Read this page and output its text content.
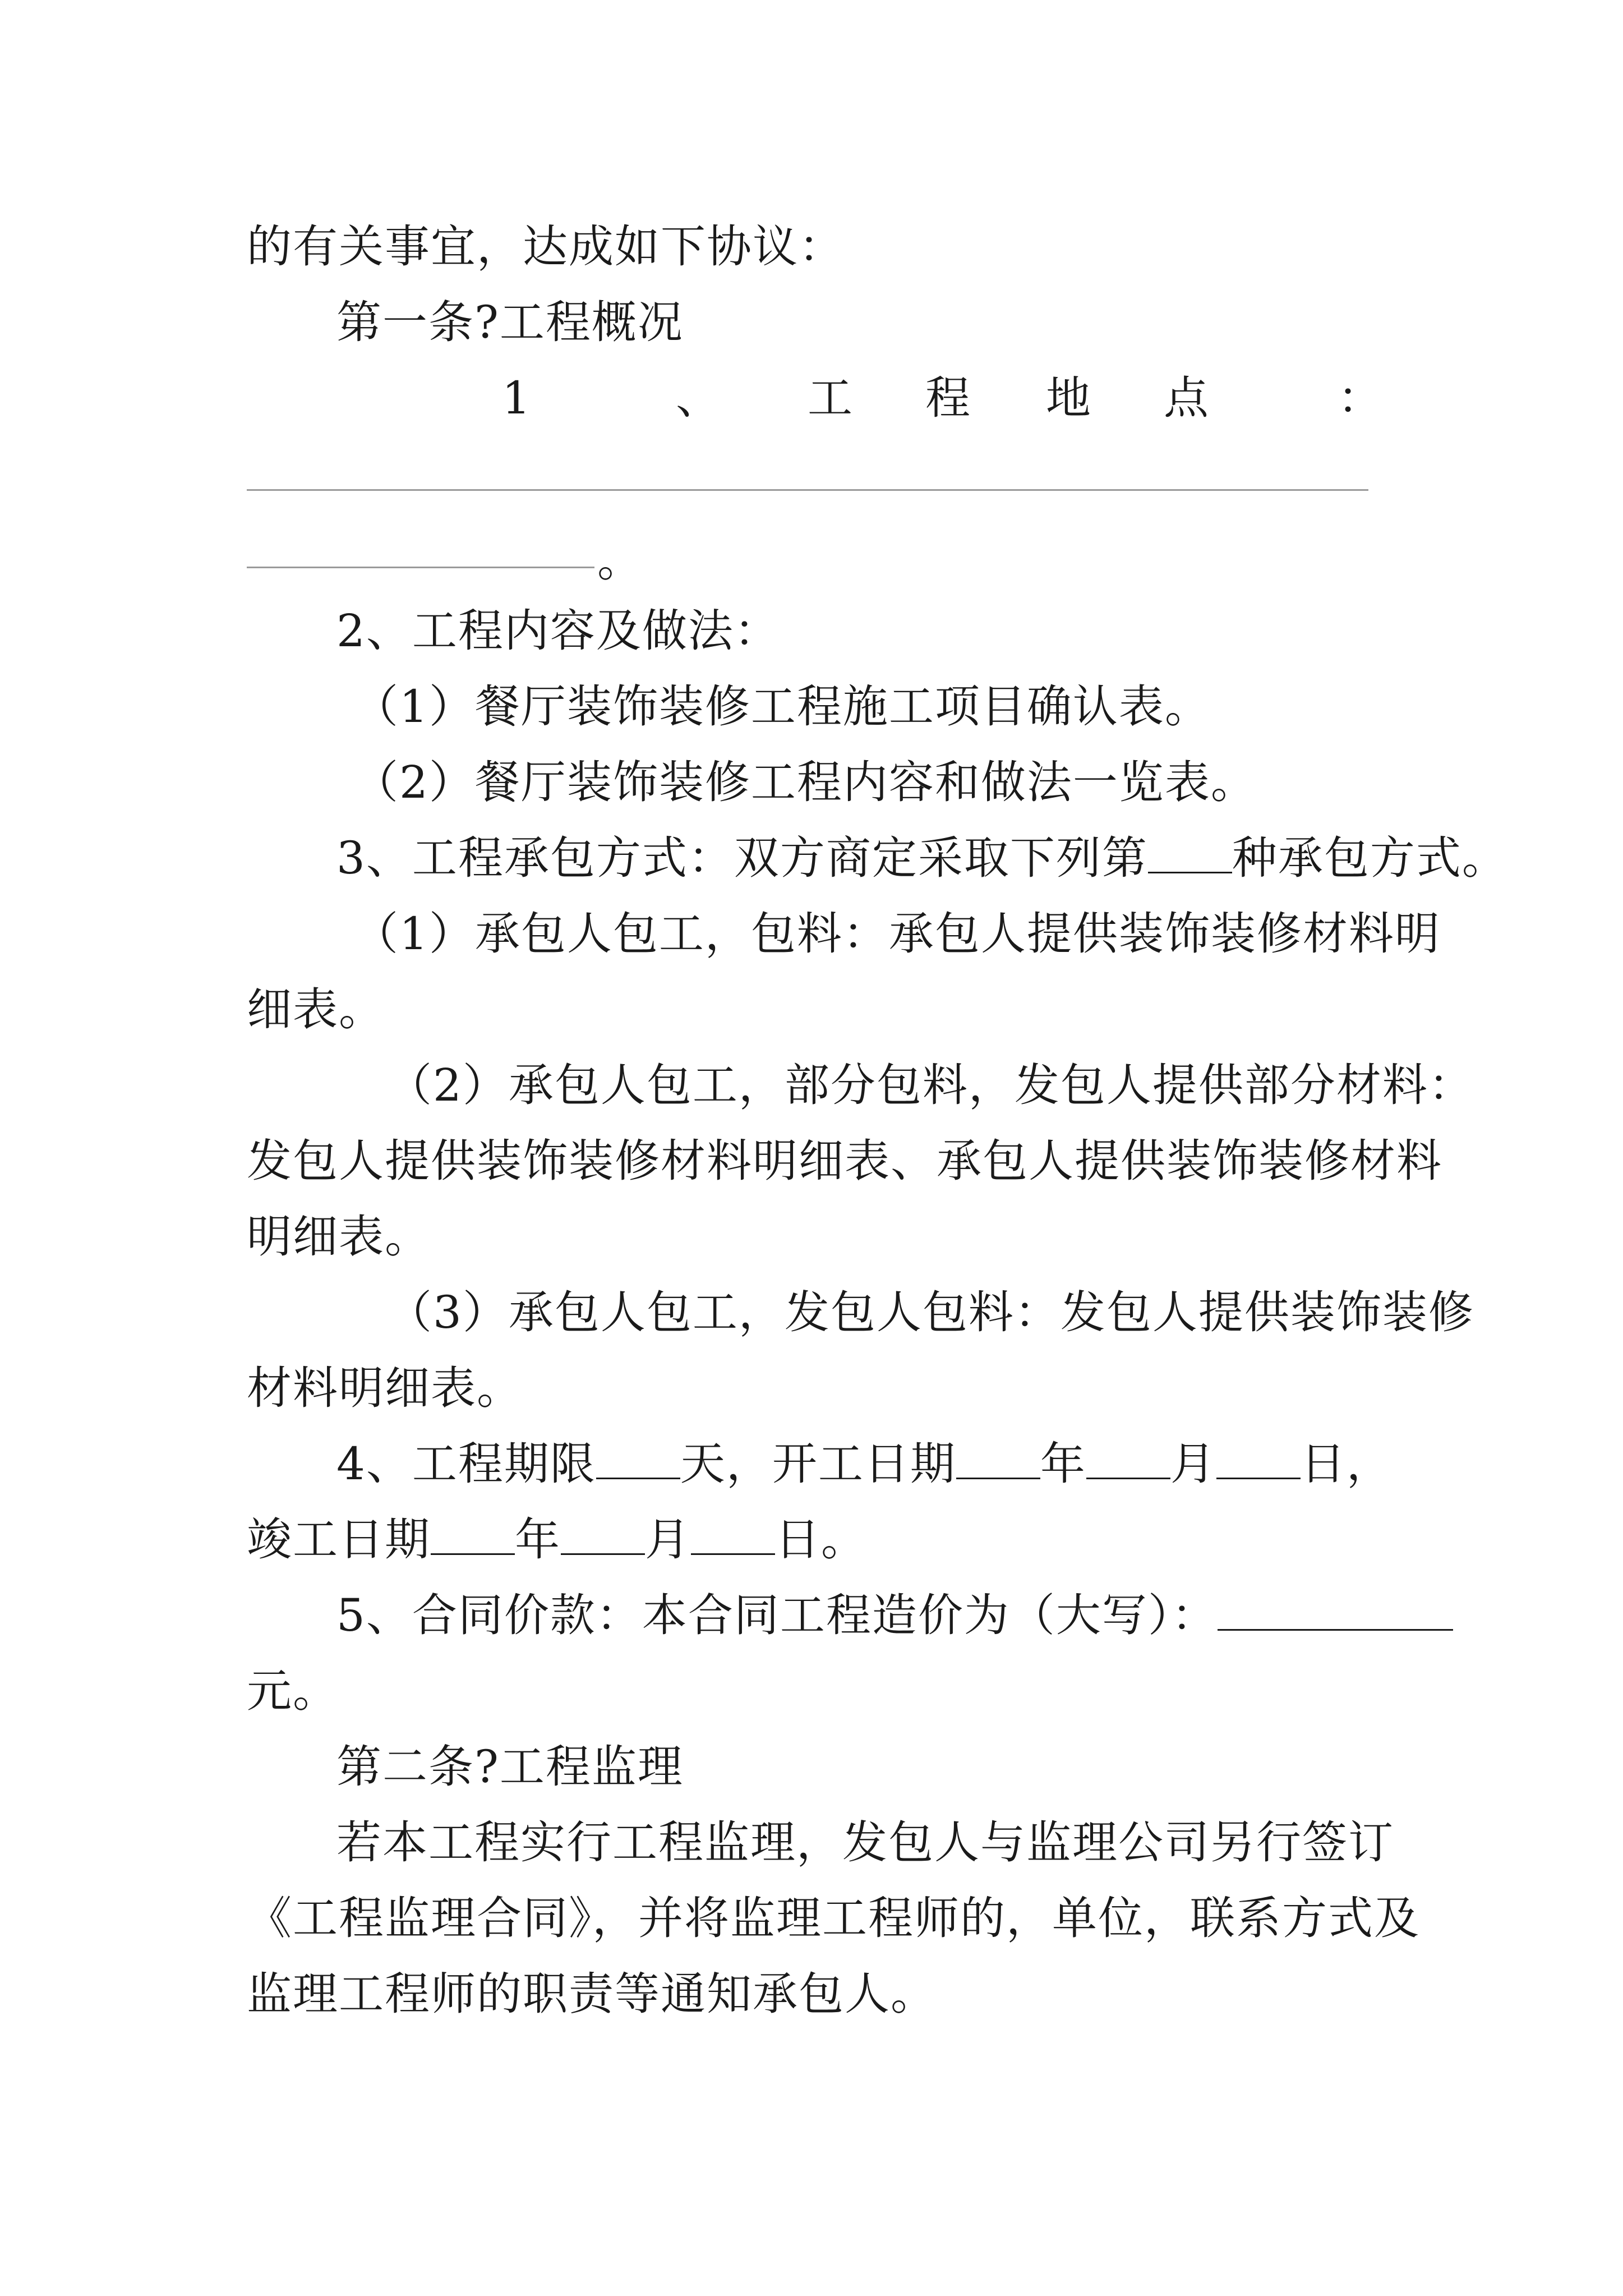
的有关事宜，达成如下协议：
第一条?工程概况
1	、 工 程 地 点	：
。
2、工程内容及做法：
（1）餐厅装饰装修工程施工项目确认表。
（2）餐厅装饰装修工程内容和做法一览表。
3、工程承包方式：双方商定采取下列第 种承包方式。
（1）承包人包工，包料：承包人提供装饰装修材料明
细表。
（2）承包人包工，部分包料，发包人提供部分材料：
发包人提供装饰装修材料明细表、承包人提供装饰装修材料
明细表。
（3）承包人包工，发包人包料：发包人提供装饰装修
材料明细表。
4、工程期限 天，开工日期 年 月 日，
竣工日期 年 月 日。
5、合同价款：本合同工程造价为（大写）：
元。
第二条?工程监理
若本工程实行工程监理，发包人与监理公司另行签订
《工程监理合同》，并将监理工程师的，单位，联系方式及
监理工程师的职责等通知承包人。
